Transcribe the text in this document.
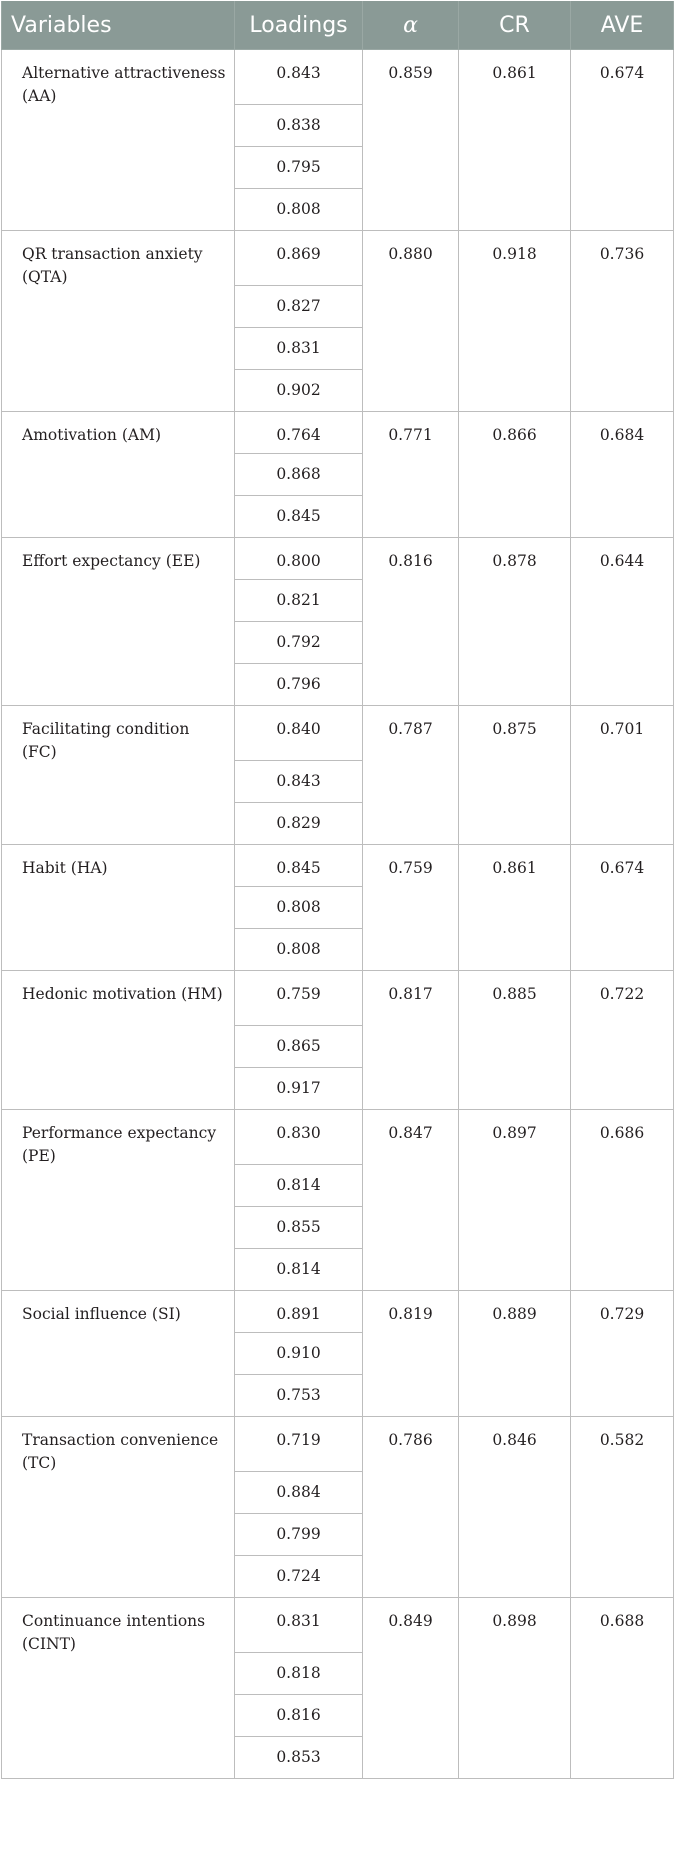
Variables	Loadings	α	CR	AVE
Alternative attractiveness (AA)	0.843	0.859	0.861	0.674
	0.838			
	0.795			
	0.808			
QR transaction anxiety (QTA)	0.869	0.880	0.918	0.736
	0.827			
	0.831			
	0.902			
Amotivation (AM)	0.764	0.771	0.866	0.684
	0.868			
	0.845			
Effort expectancy (EE)	0.800	0.816	0.878	0.644
	0.821			
	0.792			
	0.796			
Facilitating condition (FC)	0.840	0.787	0.875	0.701
	0.843			
	0.829			
Habit (HA)	0.845	0.759	0.861	0.674
	0.808			
	0.808			
Hedonic motivation (HM)	0.759	0.817	0.885	0.722
	0.865			
	0.917			
Performance expectancy (PE)	0.830	0.847	0.897	0.686
	0.814			
	0.855			
	0.814			
Social influence (SI)	0.891	0.819	0.889	0.729
	0.910			
	0.753			
Transaction convenience (TC)	0.719	0.786	0.846	0.582
	0.884			
	0.799			
	0.724			
Continuance intentions (CINT)	0.831	0.849	0.898	0.688
	0.818			
	0.816			
	0.853			
